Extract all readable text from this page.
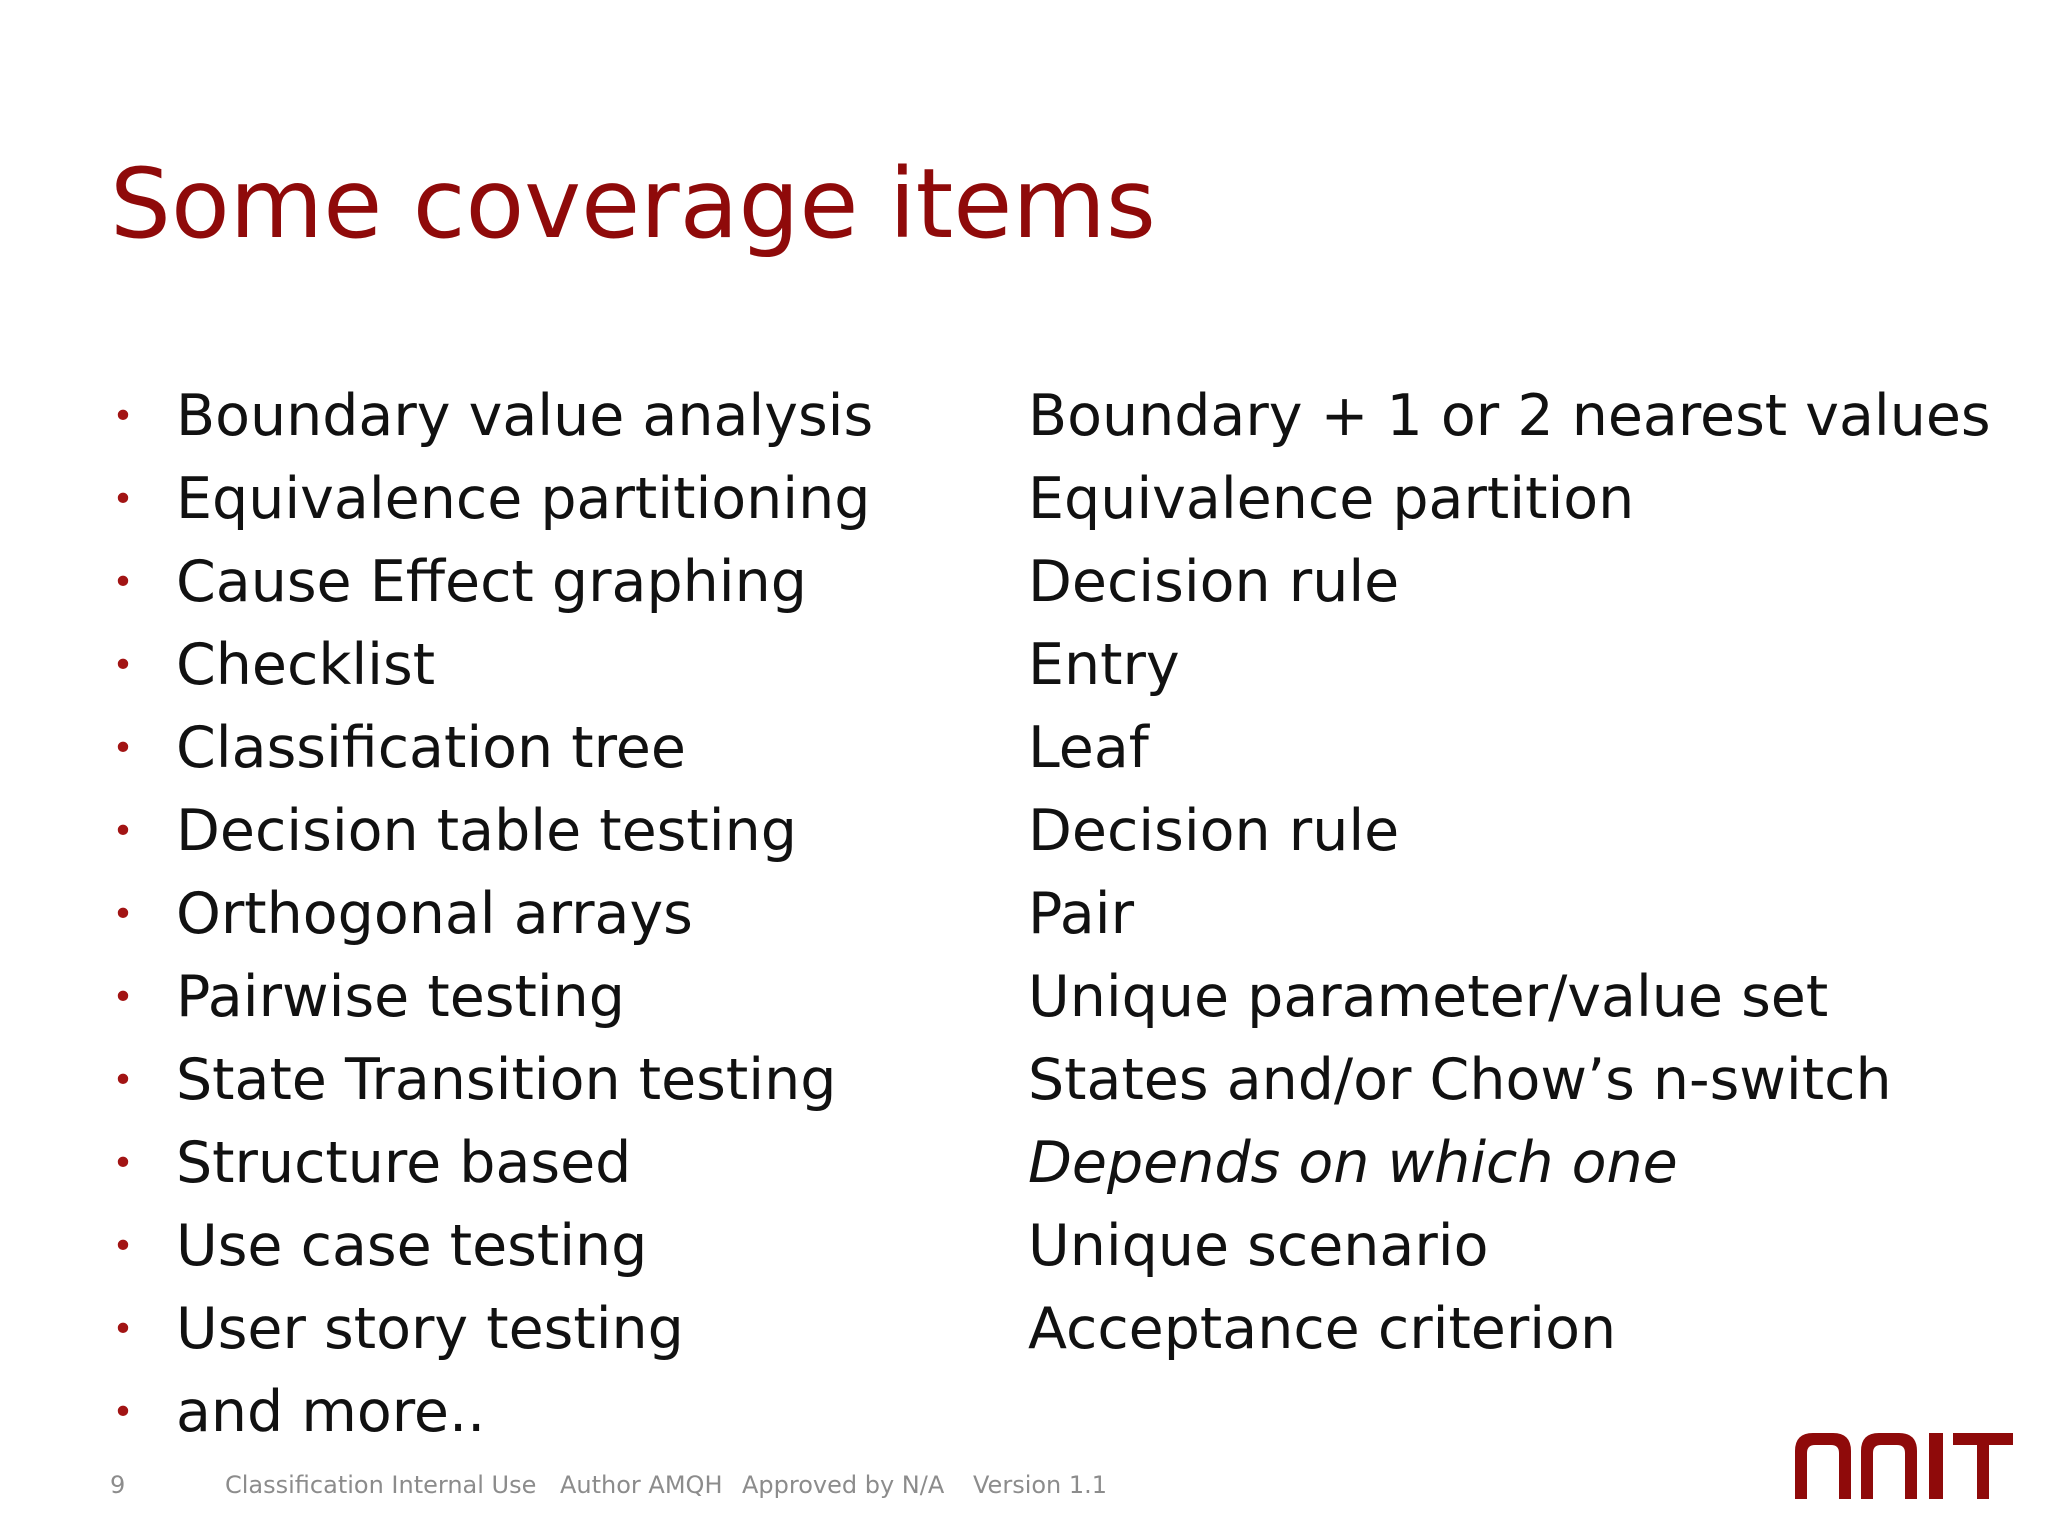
Some coverage items
• Boundary value analysis	Boundary + 1 or 2 nearest values
• Equivalence partitioning	Equivalence partition
• Cause Effect graphing	Decision rule
• Checklist	Entry
• Classification tree	Leaf
• Decision table testing	Decision rule
• Orthogonal arrays	Pair
• Pairwise testing	Unique parameter/value set
• State Transition testing	States and/or Chow’s n-switch
• Structure based	Depends on which one
• Use case testing	Unique scenario
• User story testing	Acceptance criterion
• and more..
9	Classification Internal Use Author AMQH Approved by N/A Version 1.1
